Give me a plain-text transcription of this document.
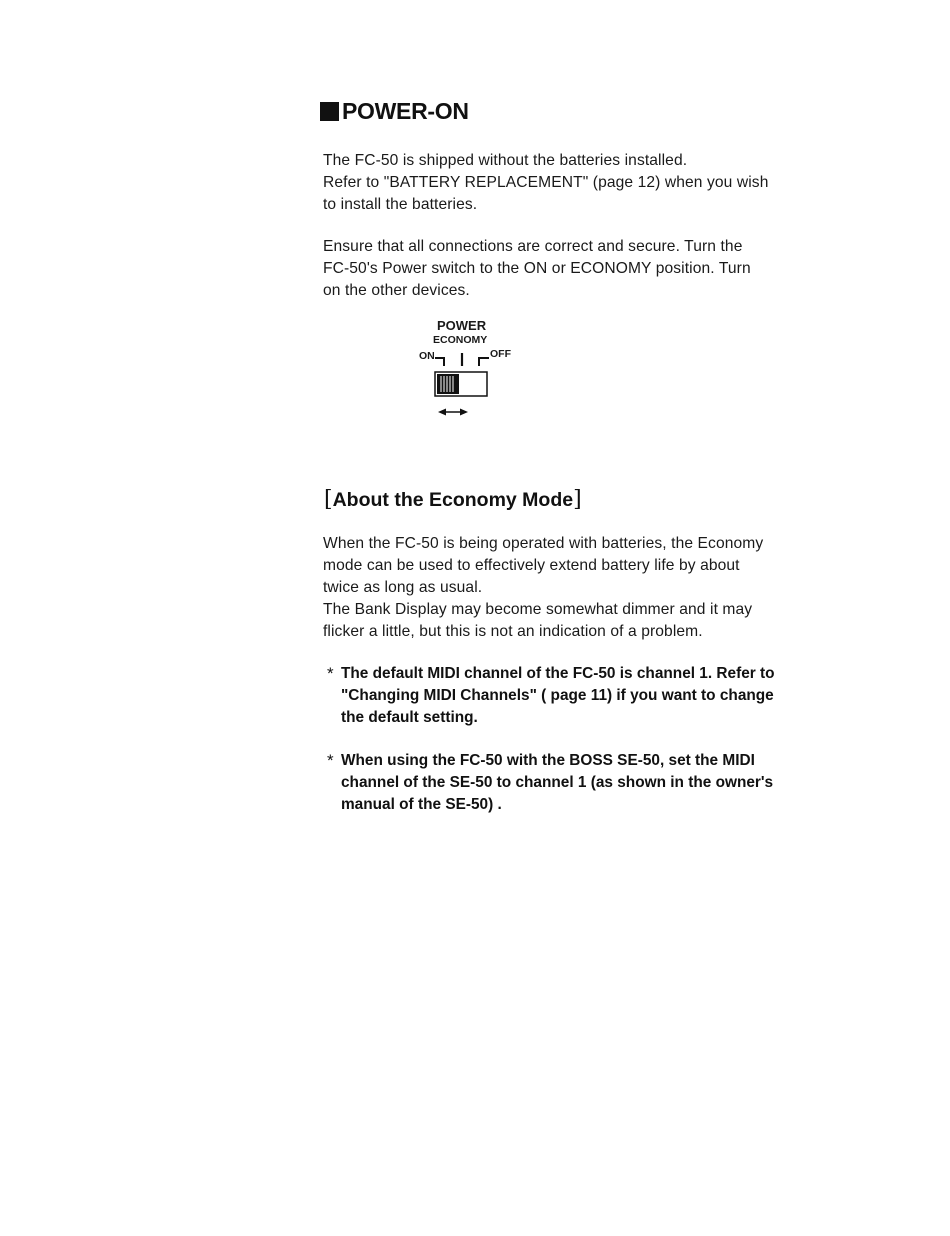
POWER-ON

The FC-50 is shipped without the batteries installed.
Refer to "BATTERY REPLACEMENT" (page 12) when you wish
to install the batteries.

Ensure that all connections are correct and secure. Turn the
FC-50's Power switch to the ON or ECONOMY position. Turn
on the other devices.

POWER
ECONOMY
ON	OFF
[About the Economy Mode]

When the FC-50 is being operated with batteries, the Economy
mode can be used to effectively extend battery life by about
twice as long as usual.
The Bank Display may become somewhat dimmer and it may
flicker a little, but this is not an indication of a problem.

* The default MIDI channel of the FC-50 is channel 1. Refer to
"Changing MIDI Channels" ( page 11) if you want to change
the default setting.
* When using the FC-50 with the BOSS SE-50, set the MIDI
channel of the SE-50 to channel 1 (as shown in the owner's
manual of the SE-50) .
